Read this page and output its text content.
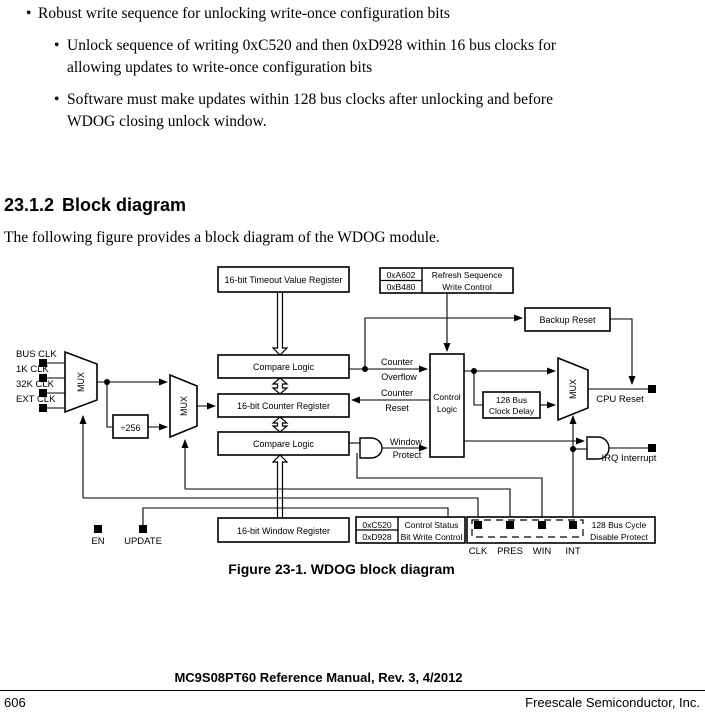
• Robust write sequence for unlocking write-once configuration bits
• Unlock sequence of writing 0xC520 and then 0xD928 within 16 bus clocks for
allowing updates to write-once configuration bits
• Software must make updates within 128 bus clocks after unlocking and before
WDOG closing unlock window.
23.1.2 Block diagram
The following figure provides a block diagram of the WDOG module.
16-bit Timeout Value Register	0xA602
0xB480
Refresh Sequence
Write Control
Compare Logic
16-bit Counter Register
Compare Logic
16-bit Window Register
Control
Logic
128 Bus
Clock Delay
Backup Reset
÷256
0xC520
0xD928
Control Status
Bit Write Control
128 Bus Cycle
Disable Protect
MUX
MUX
MUX
BUS CLK
1K CLK
32K CLK
EXT CLK
Counter
Overflow
Counter
Reset
Window
Protect
CPU Reset
IRQ Interrupt
EN UPDATE
CLK PRES WIN INT
Figure 23-1. WDOG block diagram
MC9S08PT60 Reference Manual, Rev. 3, 4/2012
606	Freescale Semiconductor, Inc.
